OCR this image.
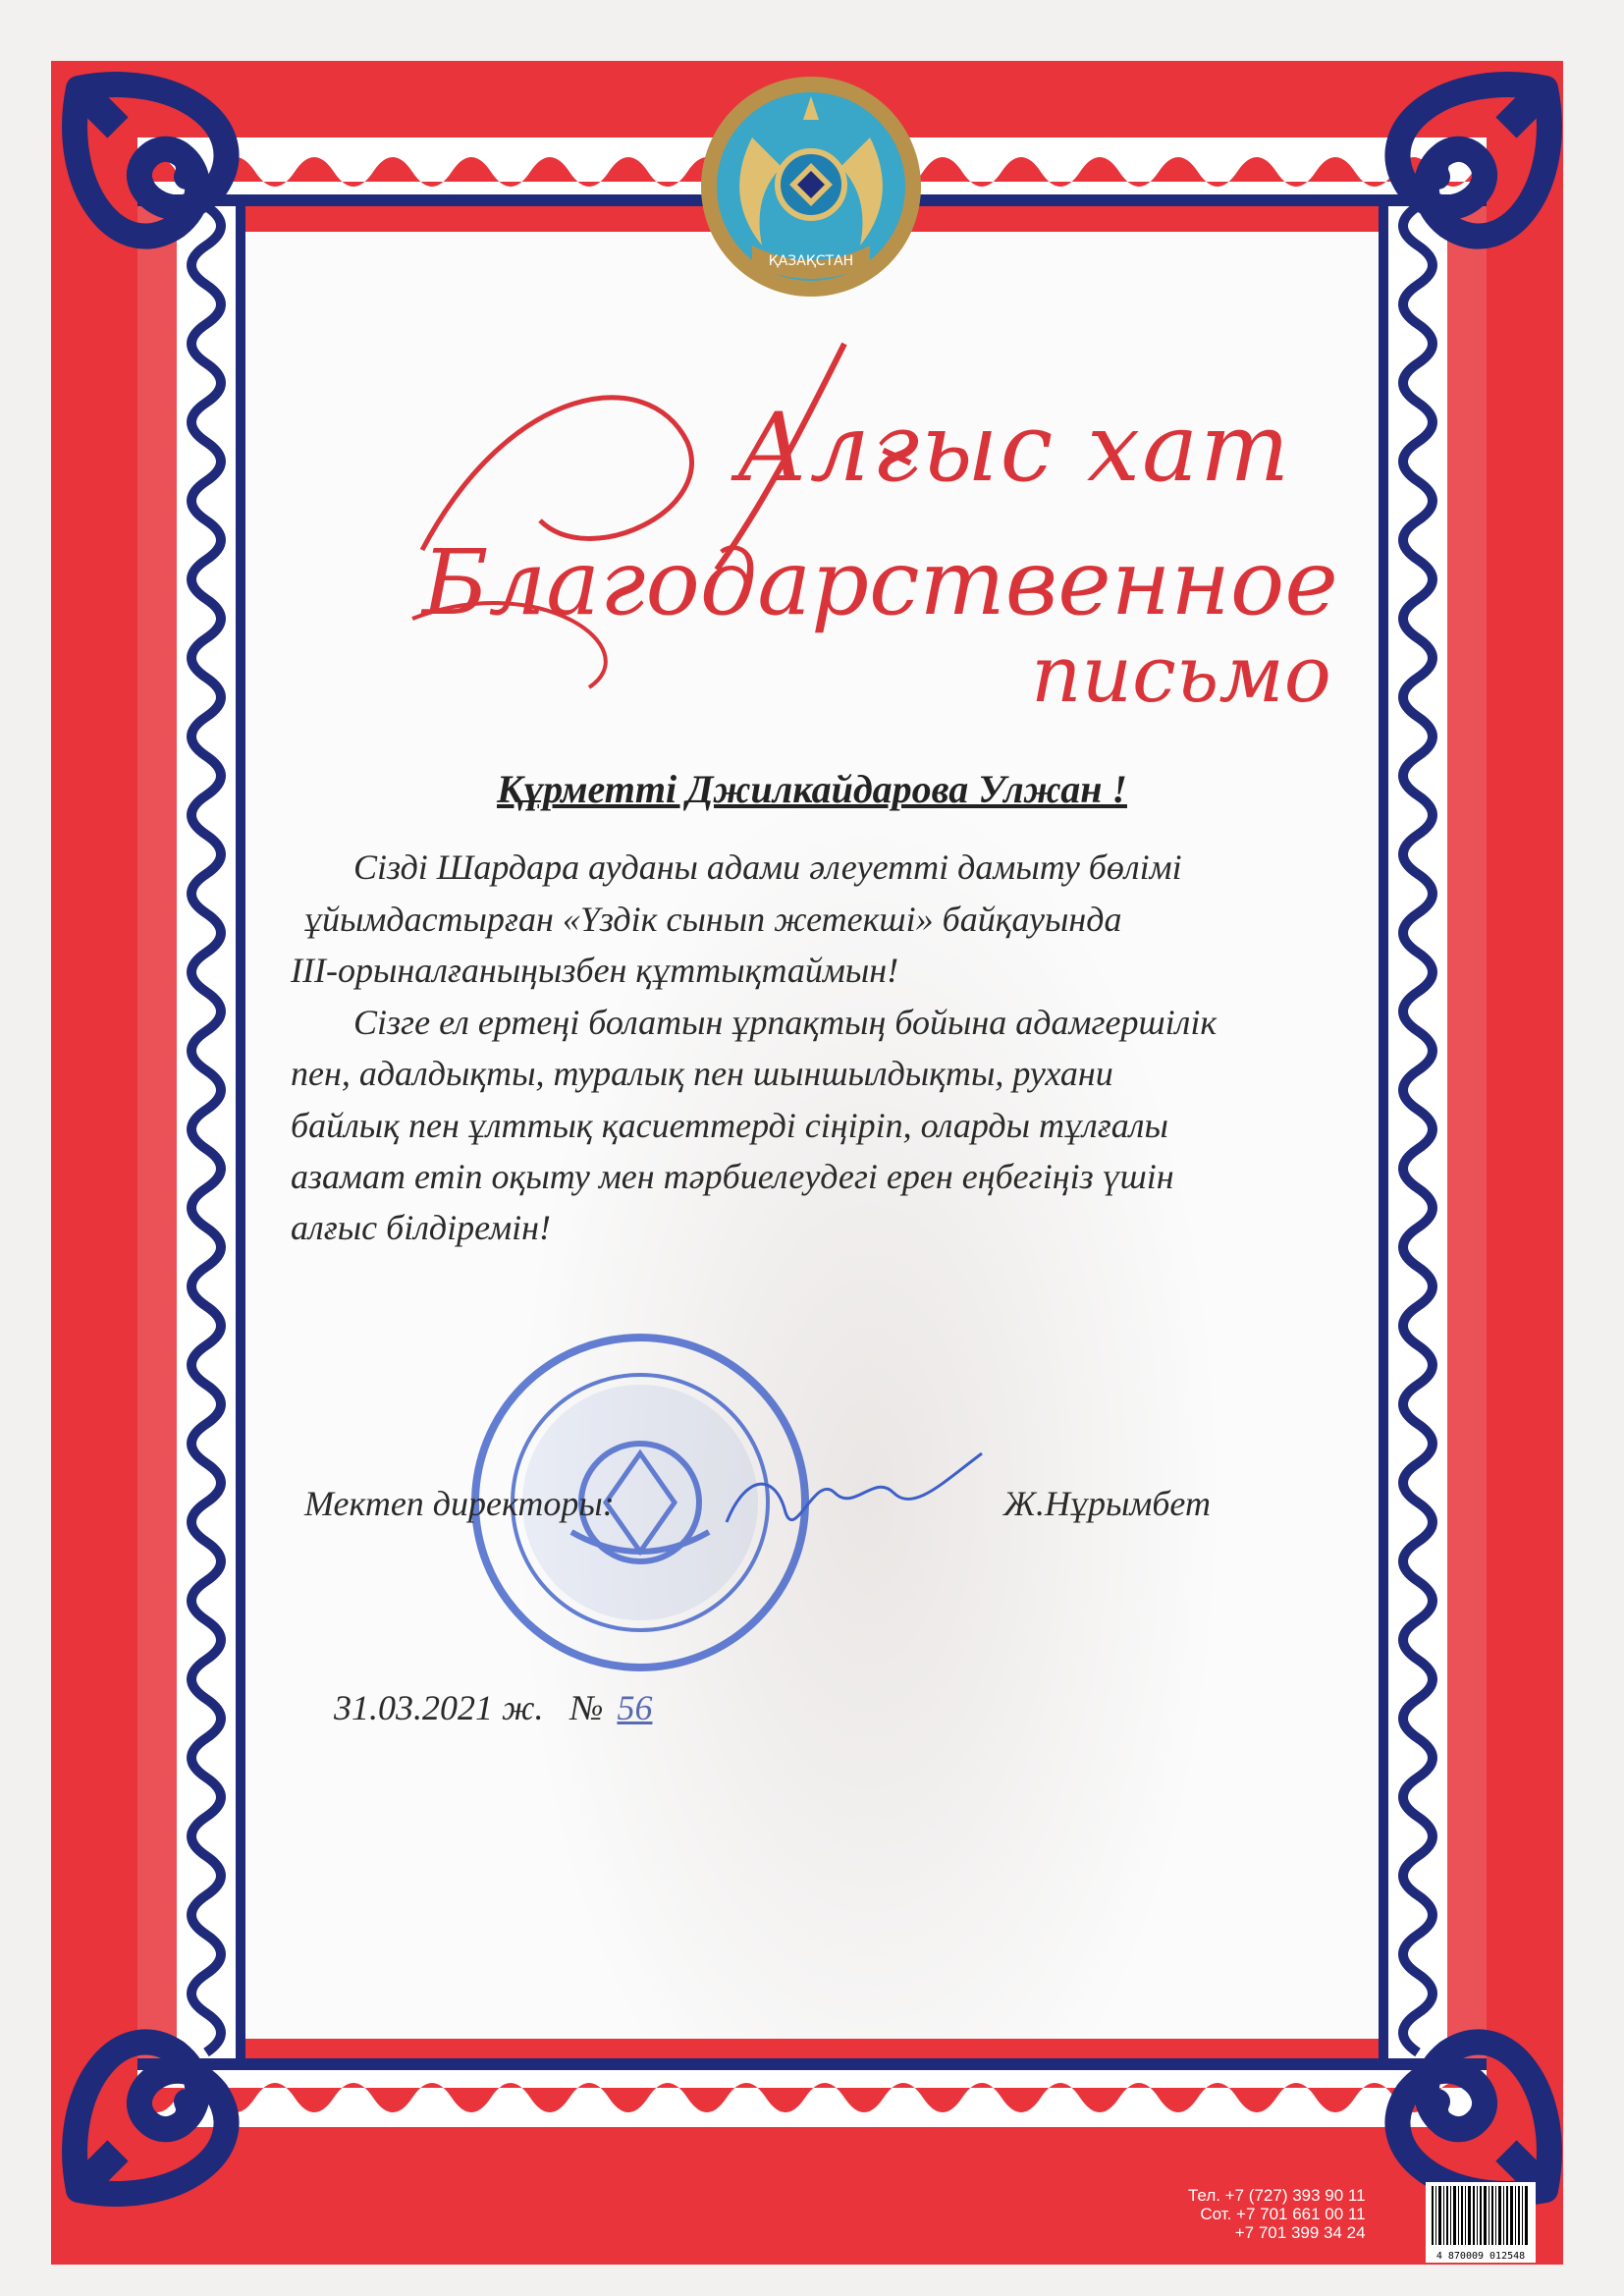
ҚАЗАҚСТАН
Алғыс хат
Благодарственное
письмо
Құрметті Джилкайдарова Улжан !
Сізді Шардара ауданы адами әлеуетті дамыту бөлімі
ұйымдастырған «Үздік сынып жетекші» байқауында
ІІІ-орыналғаныңызбен құттықтаймын!
Сізге ел ертеңі болатын ұрпақтың бойына адамгершілік
пен, адалдықты, туралық пен шыншылдықты, рухани
байлық пен ұлттық қасиеттерді сіңіріп, оларды тұлғалы
азамат етіп оқыту мен тәрбиелеудегі ерен еңбегіңіз үшін
алғыс білдіремін!
Мектеп директоры:	Ж.Нұрымбет
31.03.2021 ж. № 56
Тел. +7 (727) 393 90 11
Сот. +7 701 661 00 11
+7 701 399 34 24
4 870009 012548
